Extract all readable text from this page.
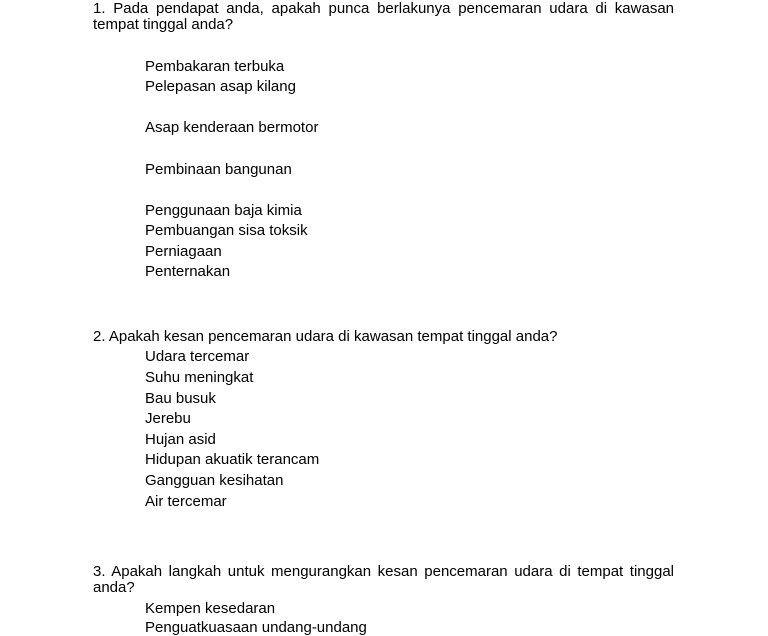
1. Pada pendapat anda, apakah punca berlakunya pencemaran udara di kawasan tempat tinggal anda?

Pembakaran terbuka

Pelepasan asap kilang

Asap kenderaan bermotor

Pembinaan bangunan

Penggunaan baja kimia

Pembuangan sisa toksik

Perniagaan

Penternakan

2. Apakah kesan pencemaran udara di kawasan tempat tinggal anda?

Udara tercemar

Suhu meningkat

Bau busuk

Jerebu

Hujan asid

Hidupan akuatik terancam

Gangguan kesihatan

Air tercemar

3. Apakah langkah untuk mengurangkan kesan pencemaran udara di tempat tinggal anda?

Kempen kesedaran

Penguatkuasaan undang-undang
